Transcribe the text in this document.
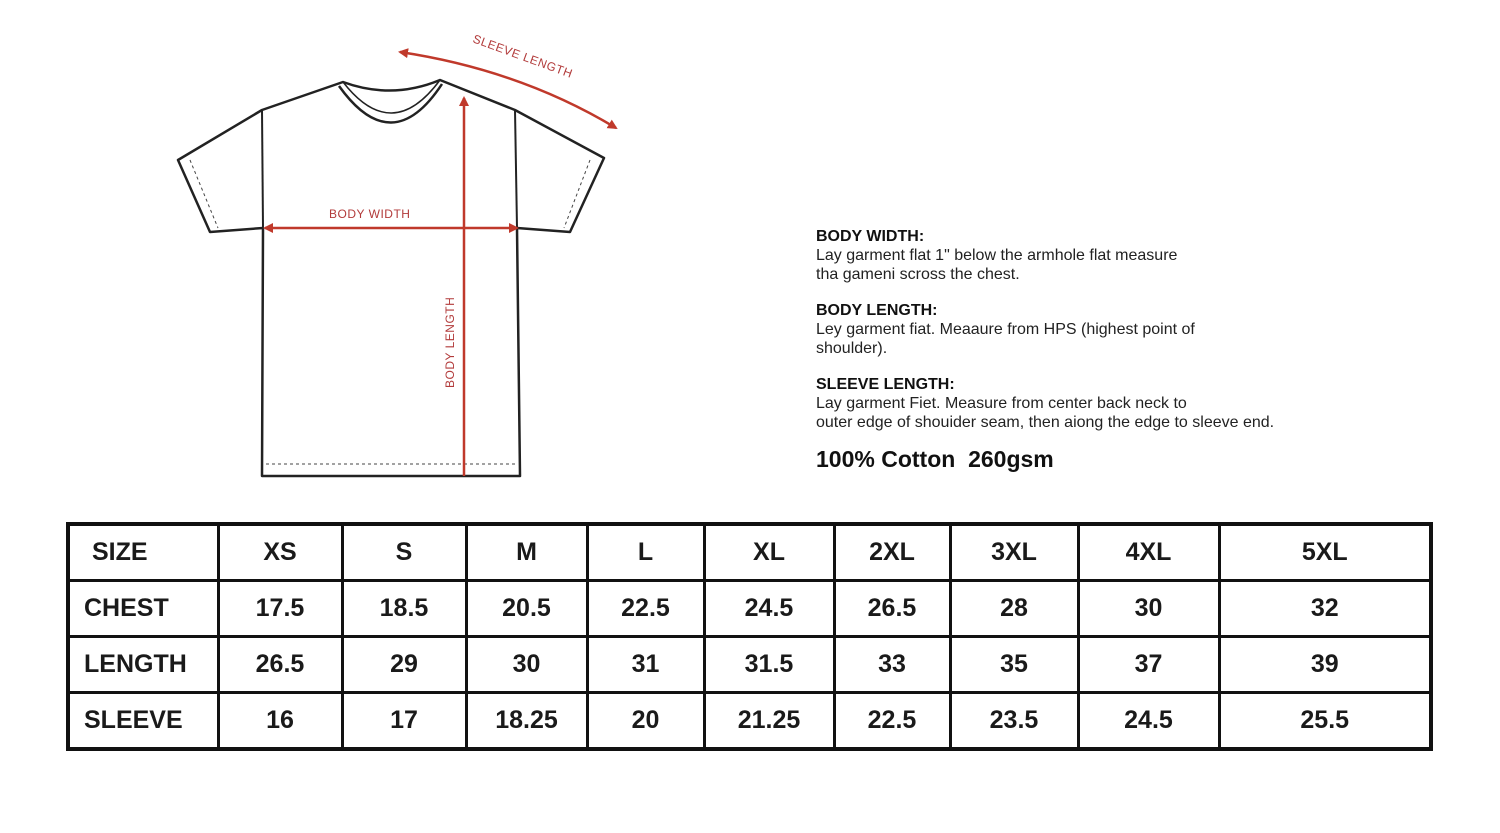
SLEEVE LENGTH
BODY WIDTH
BODY LENGTH
BODY WIDTH:
Lay garment flat 1" below the armhole flat measure
tha gameni scross the chest.
BODY LENGTH:
Ley garment fiat. Meaaure from HPS (highest point of
shoulder).
SLEEVE LENGTH:
Lay garment Fiet. Measure from center back neck to
outer edge of shouider seam, then aiong the edge to sleeve end.
100% Cotton  260gsm
SIZE	XS	S	M	L	XL	2XL	3XL	4XL	5XL
CHEST	17.5	18.5	20.5	22.5	24.5	26.5	28	30	32
LENGTH	26.5	29	30	31	31.5	33	35	37	39
SLEEVE	16	17	18.25	20	21.25	22.5	23.5	24.5	25.5
